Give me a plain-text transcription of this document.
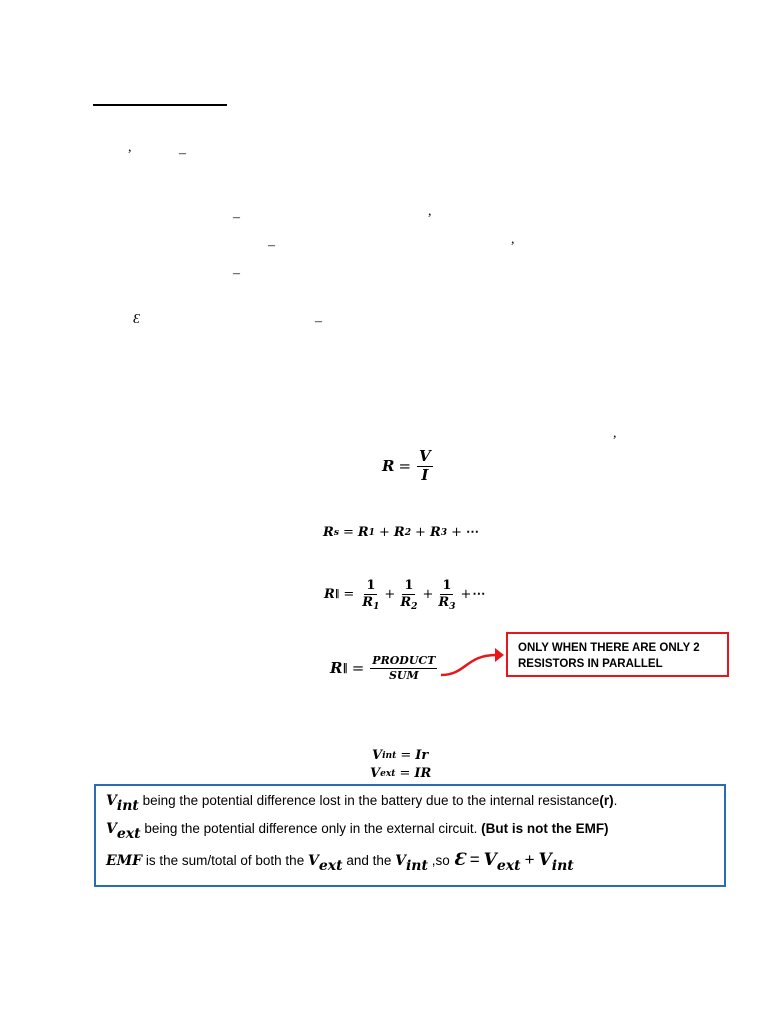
,	–
–	,
–	,
–
Ɛ	–
,
$R = \frac{V}{I}$
R s = R 1 + R 2 + R 3 + ⋯
R ‖ = $\frac{1}{R_1} + \frac{1}{R_2} + \frac{1}{R_3}$ + ⋯
R ‖ = $\frac{\text{PRODUCT}}{\text{SUM}}$
ONLY WHEN THERE ARE ONLY 2 RESISTORS IN PARALLEL
V int = Ir
V ext = IR
$V_{int}$ being the potential difference lost in the battery due to the internal resistance(r).
$V_{ext}$ being the potential difference only in the external circuit. (But is not the EMF)
EMF is the sum/total of both the $V_{ext}$ and the $V_{int}$ ,so Ɛ = $V_{ext} + V_{int}$
